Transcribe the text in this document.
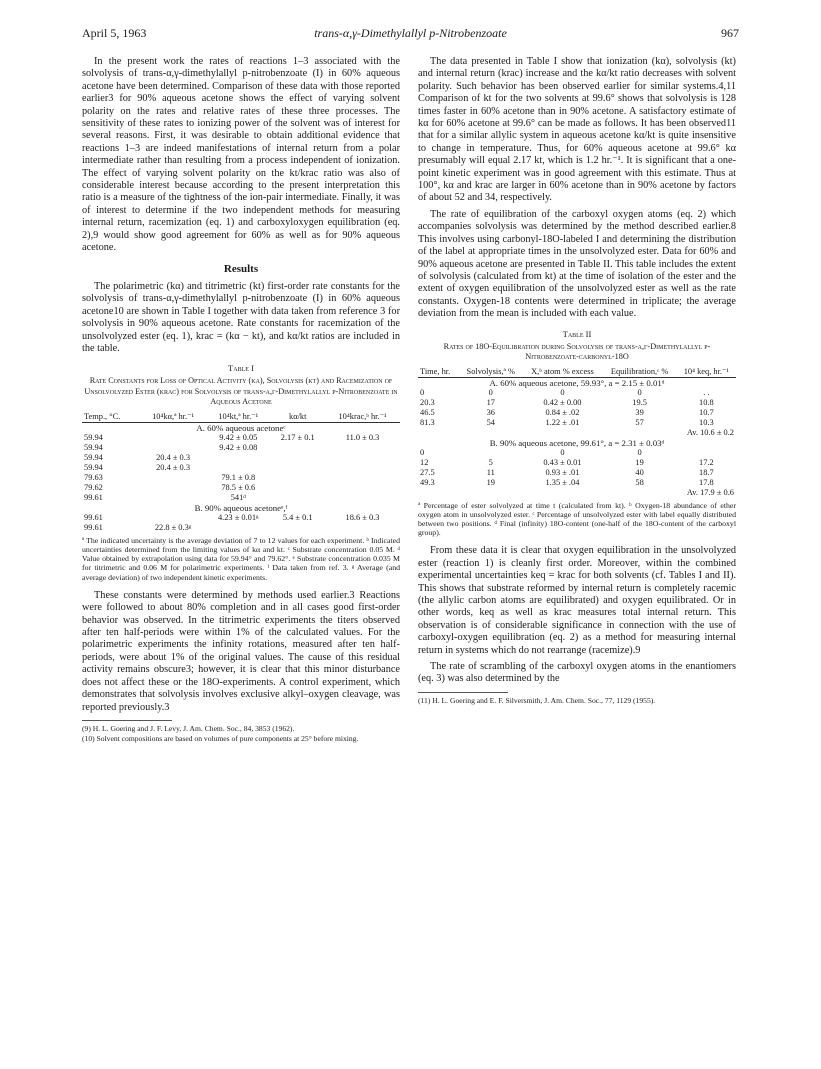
April 5, 1963	trans-α,γ-Dimethylallyl p-Nitrobenzoate	967

In the present work the rates of reactions 1–3 associated with the solvolysis of trans-α,γ-dimethylallyl p-nitrobenzoate (I) in 60% aqueous acetone have been determined. Comparison of these data with those reported earlier3 for 90% aqueous acetone shows the effect of varying solvent polarity on the rates and relative rates of these three processes. The sensitivity of these rates to ionizing power of the solvent was of interest for several reasons. First, it was desirable to obtain additional evidence that reactions 1–3 are indeed manifestations of internal return from a polar intermediate rather than resulting from a process independent of ionization. The effect of varying solvent polarity on the kt/krac ratio was also of considerable interest because according to the present interpretation this ratio is a measure of the tightness of the ion-pair intermediate. Finally, it was of interest to determine if the two independent methods for measuring internal return, racemization (eq. 1) and carboxyloxygen equilibration (eq. 2),9 would show good agreement for 60% as well as for 90% aqueous acetone.

Results

The polarimetric (kα) and titrimetric (kt) first-order rate constants for the solvolysis of trans-α,γ-dimethylallyl p-nitrobenzoate (I) in 60% aqueous acetone10 are shown in Table I together with data taken from reference 3 for solvolysis in 90% aqueous acetone. Rate constants for racemization of the unsolvolyzed ester (eq. 1), krac = (kα − kt), and kα/kt ratios are included in the table.

Table I
Rate Constants for Loss of Optical Activity (kα), Solvolysis (kt) and Racemization of Unsolvolyzed Ester (krac) for Solvolysis of trans-α,γ-Dimethylallyl p-Nitrobenzoate in Aqueous Acetone
Temp., °C.	10⁴kα,ª hr.⁻¹	10⁴kt,ª hr.⁻¹	kα/kt	10⁴krac,ᵇ hr.⁻¹
A. 60% aqueous acetoneᶜ				
59.94		9.42 ± 0.05	2.17 ± 0.1	11.0 ± 0.3
59.94		9.42 ± 0.08		
59.94	20.4 ± 0.3			
59.94	20.4 ± 0.3			
79.63		79.1 ± 0.8		
79.62		78.5 ± 0.6		
99.61		541ᵈ		
B. 90% aqueous acetoneᵉ,ᶠ				
99.61		4.23 ± 0.01ᵍ	5.4 ± 0.1	18.6 ± 0.3
99.61	22.8 ± 0.3ᵍ			
ª The indicated uncertainty is the average deviation of 7 to 12 values for each experiment. ᵇ Indicated uncertainties determined from the limiting values of kα and kt. ᶜ Substrate concentration 0.05 M. ᵈ Value obtained by extrapolation using data for 59.94° and 79.62°. ᵉ Substrate concentration 0.035 M for titrimetric and 0.06 M for polarimetric experiments. ᶠ Data taken from ref. 3. ᵍ Average (and average deviation) of two independent kinetic experiments.

These constants were determined by methods used earlier.3 Reactions were followed to about 80% completion and in all cases good first-order behavior was observed. In the titrimetric experiments the titers observed after ten half-periods were within 1% of the calculated values. For the polarimetric experiments the infinity rotations, measured after ten half-periods, were about 1% of the original values. The cause of this residual activity remains obscure3; however, it is clear that this minor disturbance does not affect these or the 18O-experiments. A control experiment, which demonstrates that solvolysis involves exclusive alkyl–oxygen cleavage, was reported previously.3

(9) H. L. Goering and J. F. Levy, J. Am. Chem. Soc., 84, 3853 (1962).
(10) Solvent compositions are based on volumes of pure components at 25° before mixing.

The data presented in Table I show that ionization (kα), solvolysis (kt) and internal return (krac) increase and the kα/kt ratio decreases with solvent polarity. Such behavior has been observed earlier for similar systems.4,11 Comparison of kt for the two solvents at 99.6° shows that solvolysis is 128 times faster in 60% acetone than in 90% acetone. A satisfactory estimate of kα for 60% acetone at 99.6° can be made as follows. It has been observed11 that for a similar allylic system in aqueous acetone kα/kt is quite insensitive to change in temperature. Thus, for 60% aqueous acetone at 99.6° kα presumably will equal 2.17 kt, which is 1.2 hr.⁻¹. It is significant that a one-point kinetic experiment was in good agreement with this estimate. Thus at 100°, kα and krac are larger in 60% acetone than in 90% acetone by factors of about 52 and 34, respectively.

The rate of equilibration of the carboxyl oxygen atoms (eq. 2) which accompanies solvolysis was determined by the method described earlier.8 This involves using carbonyl-18O-labeled I and determining the distribution of the label at appropriate times in the unsolvolyzed ester. Data for 60% and 90% aqueous acetone are presented in Table II. This table includes the extent of solvolysis (calculated from kt) at the time of isolation of the ester and the extent of oxygen equilibration of the unsolvolyzed ester as well as the rate constants. Oxygen-18 contents were determined in triplicate; the average deviation from the mean is included with each value.

Table II
Rates of 18O-Equilibration during Solvolysis of trans-α,γ-Dimethylallyl p-Nitrobenzoate-carbonyl-18O
Time, hr.	Solvolysis,ª %	X,ᵇ atom % excess	Equilibration,ᶜ %	10⁴ keq, hr.⁻¹
A. 60% aqueous acetone, 59.93°, a = 2.15 ± 0.01ᵈ				
0	0	0	0	. .
20.3	17	0.42 ± 0.00	19.5	10.8
46.5	36	0.84 ± .02	39	10.7
81.3	54	1.22 ± .01	57	10.3
Av. 10.6 ± 0.2				
B. 90% aqueous acetone, 99.61°, a = 2.31 ± 0.03ᵈ				
0		0	0	
12	5	0.43 ± 0.01	19	17.2
27.5	11	0.93 ± .01	40	18.7
49.3	19	1.35 ± .04	58	17.8
Av. 17.9 ± 0.6				
ª Percentage of ester solvolyzed at time t (calculated from kt). ᵇ Oxygen-18 abundance of ether oxygen atom in unsolvolyzed ester. ᶜ Percentage of unsolvolyzed ester with label equally distributed between two positions. ᵈ Final (infinity) 18O-content (one-half of the 18O-content of the carboxyl group).

From these data it is clear that oxygen equilibration in the unsolvolyzed ester (reaction 1) is cleanly first order. Moreover, within the combined experimental uncertainties keq = krac for both solvents (cf. Tables I and II). This shows that substrate reformed by internal return is completely racemic (the allylic carbon atoms are equilibrated) and oxygen equilibrated. Or in other words, keq as well as krac measures total internal return. This observation is of considerable significance in connection with the use of carboxyl-oxygen equilibration (eq. 2) as a method for measuring internal return in systems which do not rearrange (racemize).9

The rate of scrambling of the carboxyl oxygen atoms in the enantiomers (eq. 3) was also determined by the

(11) H. L. Goering and E. F. Silversmith, J. Am. Chem. Soc., 77, 1129 (1955).
